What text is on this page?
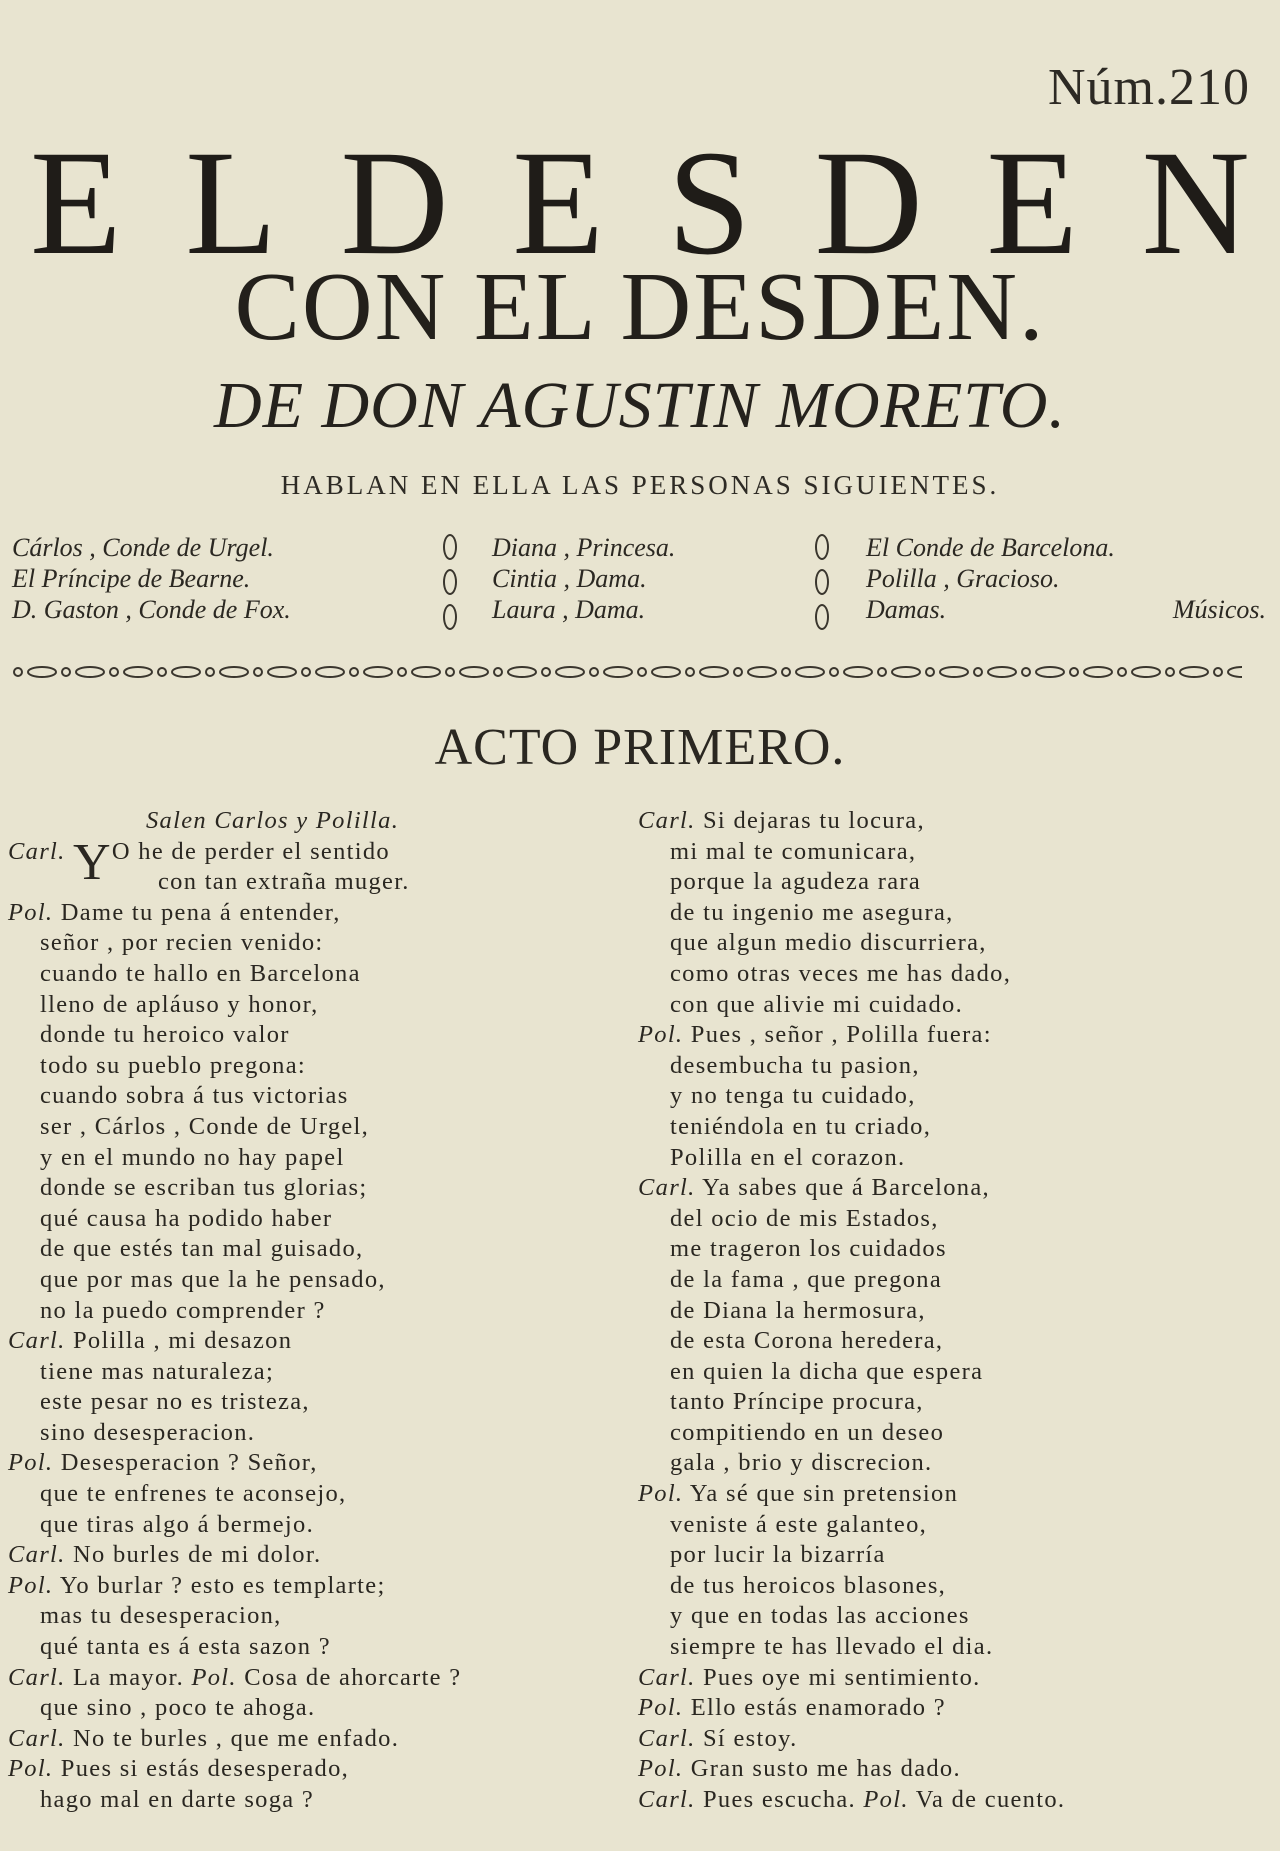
Núm.210
E L D E S D E N
CON EL DESDEN.
DE DON AGUSTIN MORETO.
HABLAN EN ELLA LAS PERSONAS SIGUIENTES.
Cárlos , Conde de Urgel.
El Príncipe de Bearne.
D. Gaston , Conde de Fox.
Diana , Princesa.
Cintia , Dama.
Laura , Dama.
El Conde de Barcelona.
Polilla , Gracioso.
Damas.	Músicos.
ACTO PRIMERO.
Salen Carlos y Polilla.
Carl. YO he de perder el sentido
con tan extraña muger.
Pol. Dame tu pena á entender,
señor , por recien venido:
cuando te hallo en Barcelona
lleno de apláuso y honor,
donde tu heroico valor
todo su pueblo pregona:
cuando sobra á tus victorias
ser , Cárlos , Conde de Urgel,
y en el mundo no hay papel
donde se escriban tus glorias;
qué causa ha podido haber
de que estés tan mal guisado,
que por mas que la he pensado,
no la puedo comprender ?
Carl. Polilla , mi desazon
tiene mas naturaleza;
este pesar no es tristeza,
sino desesperacion.
Pol. Desesperacion ? Señor,
que te enfrenes te aconsejo,
que tiras algo á bermejo.
Carl. No burles de mi dolor.
Pol. Yo burlar ? esto es templarte;
mas tu desesperacion,
qué tanta es á esta sazon ?
Carl. La mayor. Pol. Cosa de ahorcarte ?
que sino , poco te ahoga.
Carl. No te burles , que me enfado.
Pol. Pues si estás desesperado,
hago mal en darte soga ?
Carl. Si dejaras tu locura,
mi mal te comunicara,
porque la agudeza rara
de tu ingenio me asegura,
que algun medio discurriera,
como otras veces me has dado,
con que alivie mi cuidado.
Pol. Pues , señor , Polilla fuera:
desembucha tu pasion,
y no tenga tu cuidado,
teniéndola en tu criado,
Polilla en el corazon.
Carl. Ya sabes que á Barcelona,
del ocio de mis Estados,
me trageron los cuidados
de la fama , que pregona
de Diana la hermosura,
de esta Corona heredera,
en quien la dicha que espera
tanto Príncipe procura,
compitiendo en un deseo
gala , brio y discrecion.
Pol. Ya sé que sin pretension
veniste á este galanteo,
por lucir la bizarría
de tus heroicos blasones,
y que en todas las acciones
siempre te has llevado el dia.
Carl. Pues oye mi sentimiento.
Pol. Ello estás enamorado ?
Carl. Sí estoy.
Pol. Gran susto me has dado.
Carl. Pues escucha. Pol. Va de cuento.
